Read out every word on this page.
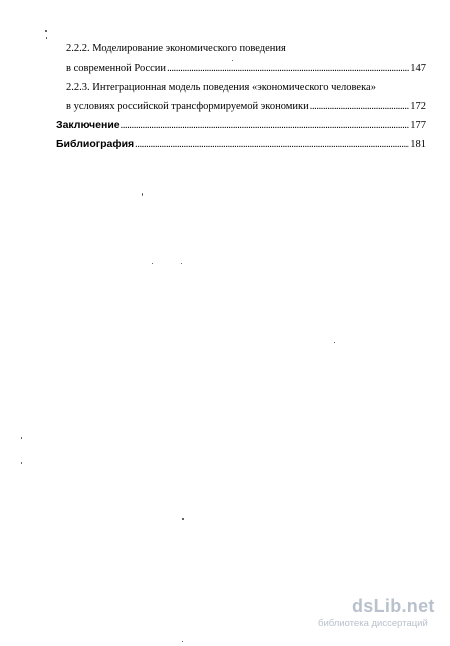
2.2.2. Моделирование экономического поведения
в современной России .....	147
2.2.3. Интеграционная модель поведения «экономического человека»
в условиях российской трансформируемой экономики .....	172
Заключение .....	177
Библиография .....	181
dsLib.net
библиотека диссертаций
